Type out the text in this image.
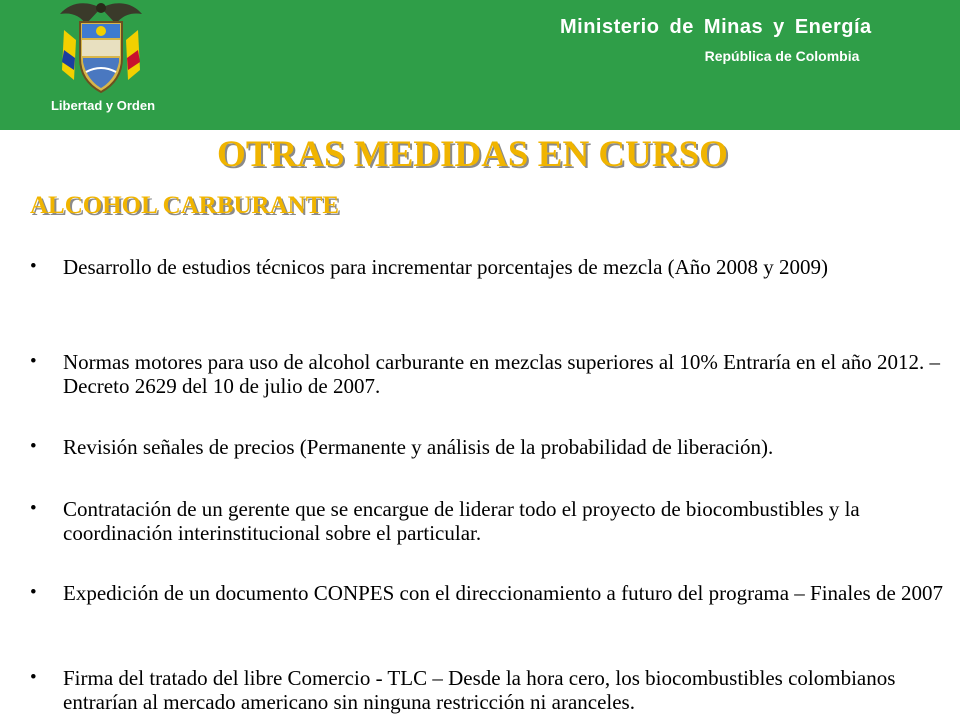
Libertad y Orden
Ministerio de Minas y Energía
República de Colombia
OTRAS MEDIDAS EN CURSO
ALCOHOL CARBURANTE
• Desarrollo de estudios técnicos para incrementar porcentajes de mezcla (Año 2008 y 2009)
• Normas motores para uso de alcohol carburante en mezclas superiores al 10% Entraría en el año 2012. – Decreto 2629 del 10 de julio de 2007.
• Revisión señales de precios (Permanente y análisis de la probabilidad de liberación).
• Contratación de un gerente que se encargue de liderar todo el proyecto de biocombustibles y la coordinación interinstitucional sobre el particular.
• Expedición de un documento CONPES con el direccionamiento a futuro del programa – Finales de 2007
• Firma del tratado del libre Comercio - TLC – Desde la hora cero, los biocombustibles colombianos entrarían al mercado americano sin ninguna restricción ni aranceles.
